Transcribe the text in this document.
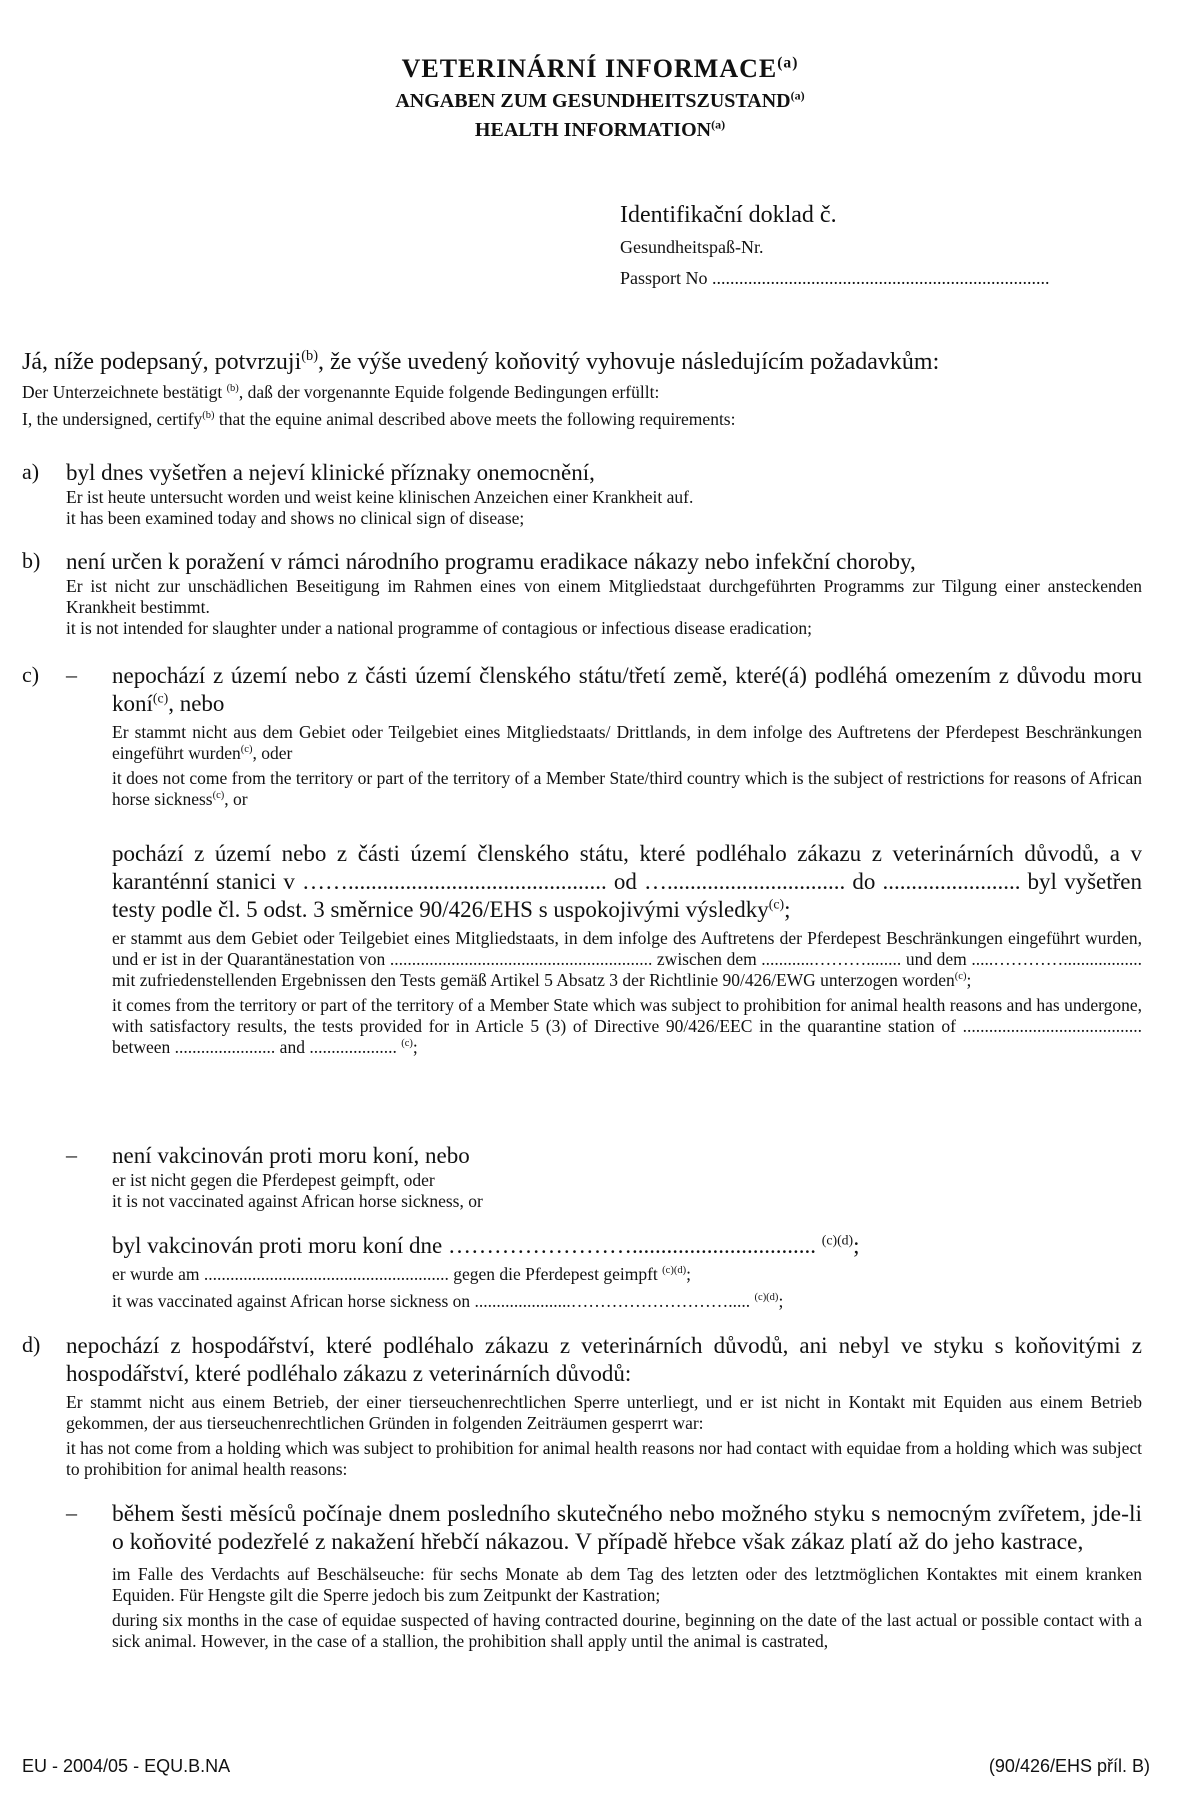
VETERINÁRNÍ INFORMACE$^{(a)}$
ANGABEN ZUM GESUNDHEITSZUSTAND$^{(a)}$
HEALTH INFORMATION$^{(a)}$
Identifikační doklad č.
Gesundheitspaß-Nr.
Passport No ...........................................................................
Já, níže podepsaný, potvrzuji$^{(b)}$, že výše uvedený koňovitý vyhovuje následujícím požadavkům:
Der Unterzeichnete bestätigt $^{(b)}$, daß der vorgenannte Equide folgende Bedingungen erfüllt:
I, the undersigned, certify$^{(b)}$ that the equine animal described above meets the following requirements:
a) byl dnes vyšetřen a nejeví klinické příznaky onemocnění,
Er ist heute untersucht worden und weist keine klinischen Anzeichen einer Krankheit auf.
it has been examined today and shows no clinical sign of disease;
b) není určen k poražení v rámci národního programu eradikace nákazy nebo infekční choroby,
Er ist nicht zur unschädlichen Beseitigung im Rahmen eines von einem Mitgliedstaat durchgeführten Programms zur Tilgung einer ansteckenden Krankheit bestimmt.
it is not intended for slaughter under a national programme of contagious or infectious disease eradication;
c) – nepochází z území nebo z části území členského státu/třetí země, které(á) podléhá omezením z důvodu moru koní$^{(c)}$, nebo
Er stammt nicht aus dem Gebiet oder Teilgebiet eines Mitgliedstaats/ Drittlands, in dem infolge des Auftretens der Pferdepest Beschränkungen eingeführt wurden$^{(c)}$, oder
it does not come from the territory or part of the territory of a Member State/third country which is the subject of restrictions for reasons of African horse sickness$^{(c)}$, or
pochází z území nebo z části území členského státu, které podléhalo zákazu z veterinárních důvodů, a v karanténní stanici v ……............................................. od …............................... do ........................ byl vyšetřen testy podle čl. 5 odst. 3 směrnice 90/426/EHS s uspokojivými výsledky$^{(c)}$;
er stammt aus dem Gebiet oder Teilgebiet eines Mitgliedstaats, in dem infolge des Auftretens der Pferdepest Beschränkungen eingeführt wurden, und er ist in der Quarantänestation von ............................................................ zwischen dem ............………........ und dem .....………….................. mit zufriedenstellenden Ergebnissen den Tests gemäß Artikel 5 Absatz 3 der Richtlinie 90/426/EWG unterzogen worden$^{(c)}$;
it comes from the territory or part of the territory of a Member State which was subject to prohibition for animal health reasons and has undergone, with satisfactory results, the tests provided for in Article 5 (3) of Directive 90/426/EEC in the quarantine station of ......................................... between ....................... and .................... $^{(c)}$;
– není vakcinován proti moru koní, nebo
er ist nicht gegen die Pferdepest geimpft, oder
it is not vaccinated against African horse sickness, or
byl vakcinován proti moru koní dne ……………………................................ $^{(c)(d)}$;
er wurde am ........................................................ gegen die Pferdepest geimpft $^{(c)(d)}$;
it was vaccinated against African horse sickness on ......................………………………..... $^{(c)(d)}$;
d) nepochází z hospodářství, které podléhalo zákazu z veterinárních důvodů, ani nebyl ve styku s koňovitými z hospodářství, které podléhalo zákazu z veterinárních důvodů:
Er stammt nicht aus einem Betrieb, der einer tierseuchenrechtlichen Sperre unterliegt, und er ist nicht in Kontakt mit Equiden aus einem Betrieb gekommen, der aus tierseuchenrechtlichen Gründen in folgenden Zeiträumen gesperrt war:
it has not come from a holding which was subject to prohibition for animal health reasons nor had contact with equidae from a holding which was subject to prohibition for animal health reasons:
– během šesti měsíců počínaje dnem posledního skutečného nebo možného styku s nemocným zvířetem, jde-li o koňovité podezřelé z nakažení hřebčí nákazou. V případě hřebce však zákaz platí až do jeho kastrace,
im Falle des Verdachts auf Beschälseuche: für sechs Monate ab dem Tag des letzten oder des letztmöglichen Kontaktes mit einem kranken Equiden. Für Hengste gilt die Sperre jedoch bis zum Zeitpunkt der Kastration;
during six months in the case of equidae suspected of having contracted dourine, beginning on the date of the last actual or possible contact with a sick animal. However, in the case of a stallion, the prohibition shall apply until the animal is castrated,
EU - 2004/05 - EQU.B.NA	(90/426/EHS příl. B)
